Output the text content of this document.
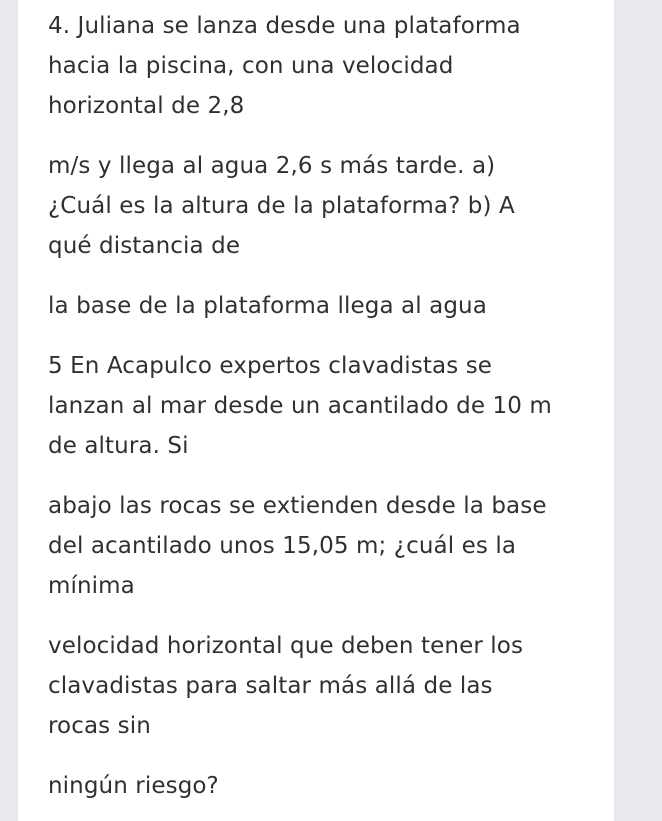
4. Juliana se lanza desde una plataforma
hacia la piscina, con una velocidad
horizontal de 2,8

m/s y llega al agua 2,6 s más tarde. a)
¿Cuál es la altura de la plataforma? b) A
qué distancia de

la base de la plataforma llega al agua

5 En Acapulco expertos clavadistas se
lanzan al mar desde un acantilado de 10 m
de altura. Si

abajo las rocas se extienden desde la base
del acantilado unos 15,05 m; ¿cuál es la
mínima

velocidad horizontal que deben tener los
clavadistas para saltar más allá de las
rocas sin

ningún riesgo?
